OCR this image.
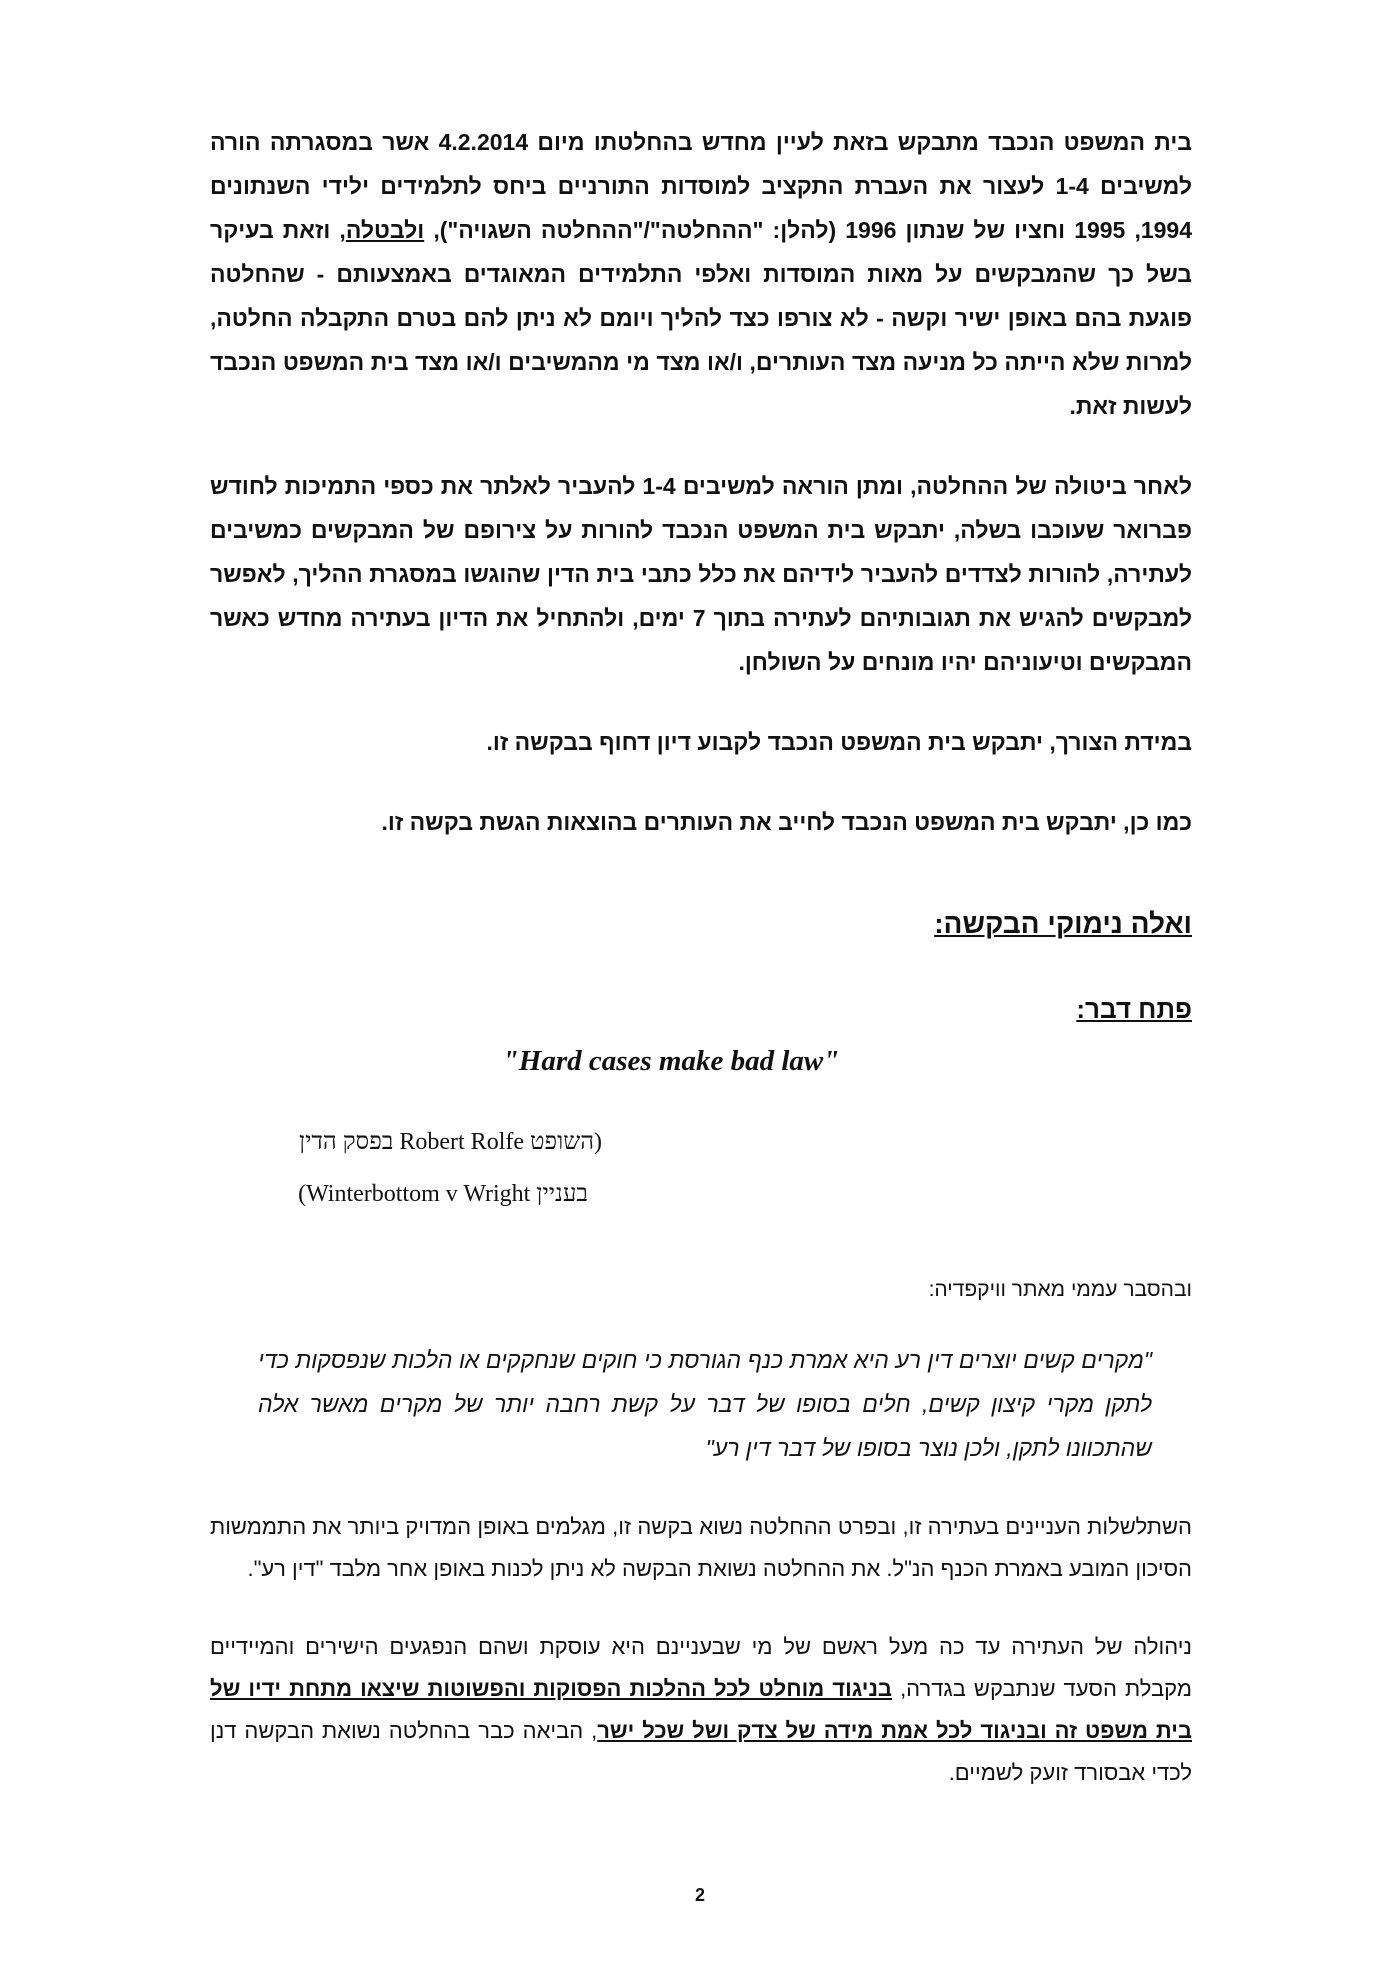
בית המשפט הנכבד מתבקש בזאת לעיין מחדש בהחלטתו מיום 4.2.2014 אשר במסגרתה הורה למשיבים 1-4 לעצור את העברת התקציב למוסדות התורניים ביחס לתלמידים ילידי השנתונים 1994, 1995 וחציו של שנתון 1996 (להלן: "ההחלטה"/"ההחלטה השגויה"), ולבטלה, וזאת בעיקר בשל כך שהמבקשים על מאות המוסדות ואלפי התלמידים המאוגדים באמצעותם - שהחלטה פוגעת בהם באופן ישיר וקשה - לא צורפו כצד להליך ויומם לא ניתן להם בטרם התקבלה החלטה, למרות שלא הייתה כל מניעה מצד העותרים, ו/או מצד מי מהמשיבים ו/או מצד בית המשפט הנכבד לעשות זאת.

לאחר ביטולה של ההחלטה, ומתן הוראה למשיבים 1-4 להעביר לאלתר את כספי התמיכות לחודש פברואר שעוכבו בשלה, יתבקש בית המשפט הנכבד להורות על צירופם של המבקשים כמשיבים לעתירה, להורות לצדדים להעביר לידיהם את כלל כתבי בית הדין שהוגשו במסגרת ההליך, לאפשר למבקשים להגיש את תגובותיהם לעתירה בתוך 7 ימים, ולהתחיל את הדיון בעתירה מחדש כאשר המבקשים וטיעוניהם יהיו מונחים על השולחן.

במידת הצורך, יתבקש בית המשפט הנכבד לקבוע דיון דחוף בבקשה זו.

כמו כן, יתבקש בית המשפט הנכבד לחייב את העותרים בהוצאות הגשת בקשה זו.

ואלה נימוקי הבקשה:
פתח דבר:

"Hard cases make bad law"

(השופט Robert Rolfe בפסק הדין
בעניין Winterbottom v Wright)

ובהסבר עממי מאתר וויקפדיה:

"מקרים קשים יוצרים דין רע היא אמרת כנף הגורסת כי חוקים שנחקקים או הלכות שנפסקות כדי לתקן מקרי קיצון קשים, חלים בסופו של דבר על קשת רחבה יותר של מקרים מאשר אלה שהתכוונו לתקן, ולכן נוצר בסופו של דבר דין רע"

השתלשלות העניינים בעתירה זו, ובפרט ההחלטה נשוא בקשה זו, מגלמים באופן המדויק ביותר את התממשות הסיכון המובע באמרת הכנף הנ"ל. את ההחלטה נשואת הבקשה לא ניתן לכנות באופן אחר מלבד "דין רע".

ניהולה של העתירה עד כה מעל ראשם של מי שבעניינם היא עוסקת ושהם הנפגעים הישירים והמיידיים מקבלת הסעד שנתבקש בגדרה, בניגוד מוחלט לכל ההלכות הפסוקות והפשוטות שיצאו מתחת ידיו של בית משפט זה ובניגוד לכל אמת מידה של צדק ושל שכל ישר, הביאה כבר בהחלטה נשואת הבקשה דנן לכדי אבסורד זועק לשמיים.

2
